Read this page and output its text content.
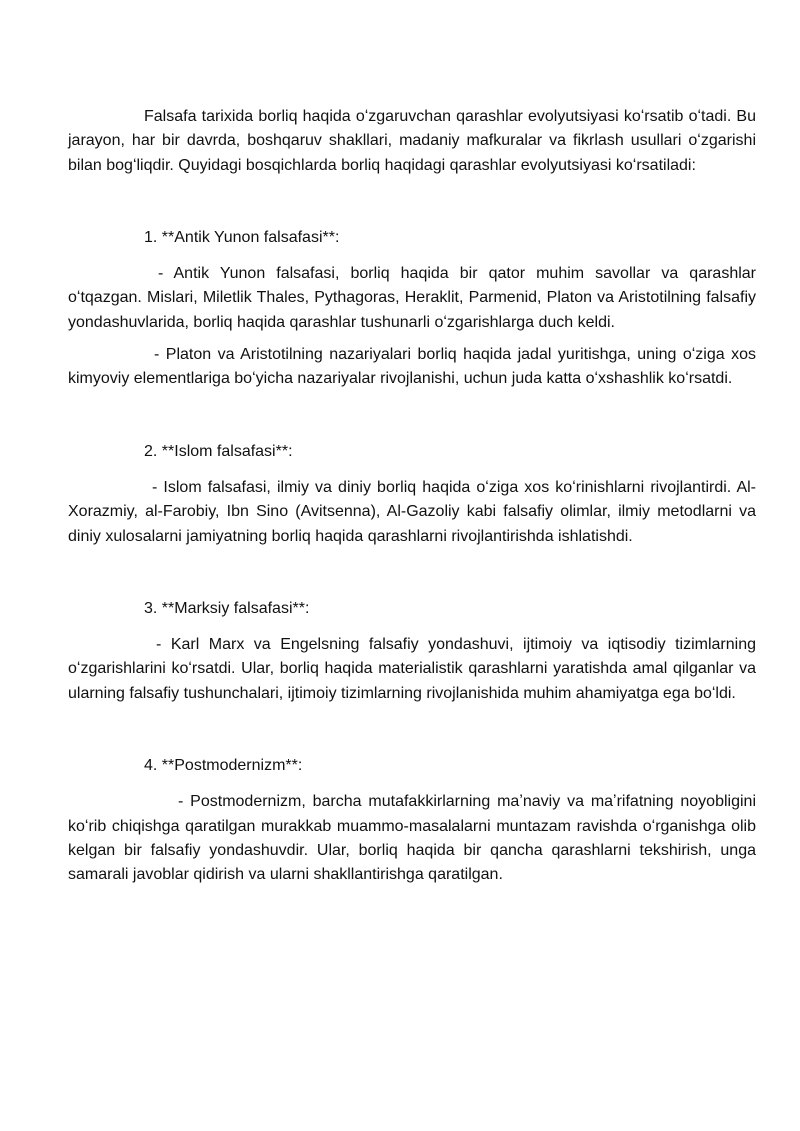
Falsafa tarixida borliq haqida oʻzgaruvchan qarashlar evolyutsiyasi koʻrsatib oʻtadi. Bu jarayon, har bir davrda, boshqaruv shakllari, madaniy mafkuralar va fikrlash usullari oʻzgarishi bilan bogʻliqdir. Quyidagi bosqichlarda borliq haqidagi qarashlar evolyutsiyasi koʻrsatiladi:

1. **Antik Yunon falsafasi**:

- Antik Yunon falsafasi, borliq haqida bir qator muhim savollar va qarashlar oʻtqazgan. Mislari, Miletlik Thales, Pythagoras, Heraklit, Parmenid, Platon va Aristotilning falsafiy yondashuvlarida, borliq haqida qarashlar tushunarli oʻzgarishlarga duch keldi.

- Platon va Aristotilning nazariyalari borliq haqida jadal yuritishga, uning oʻziga xos kimyoviy elementlariga boʻyicha nazariyalar rivojlanishi, uchun juda katta oʻxshashlik koʻrsatdi.

2. **Islom falsafasi**:

- Islom falsafasi, ilmiy va diniy borliq haqida oʻziga xos koʻrinishlarni rivojlantirdi. Al-Xorazmiy, al-Farobiy, Ibn Sino (Avitsenna), Al-Gazoliy kabi falsafiy olimlar, ilmiy metodlarni va diniy xulosalarni jamiyatning borliq haqida qarashlarni rivojlantirishda ishlatishdi.

3. **Marksiy falsafasi**:

- Karl Marx va Engelsning falsafiy yondashuvi, ijtimoiy va iqtisodiy tizimlarning oʻzgarishlarini koʻrsatdi. Ular, borliq haqida materialistik qarashlarni yaratishda amal qilganlar va ularning falsafiy tushunchalari, ijtimoiy tizimlarning rivojlanishida muhim ahamiyatga ega boʻldi.

4. **Postmodernizm**:

- Postmodernizm, barcha mutafakkirlarning maʼnaviy va maʼrifatning noyobligini koʻrib chiqishga qaratilgan murakkab muammo-masalalarni muntazam ravishda oʻrganishga olib kelgan bir falsafiy yondashuvdir. Ular, borliq haqida bir qancha qarashlarni tekshirish, unga samarali javoblar qidirish va ularni shakllantirishga qaratilgan.
